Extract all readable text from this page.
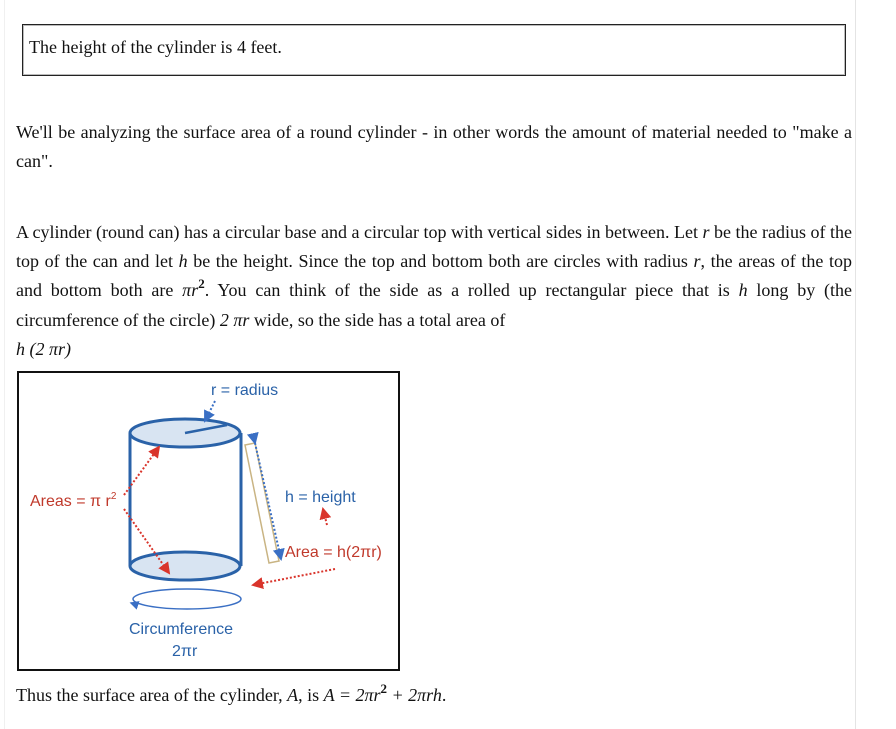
The height of the cylinder is 4 feet.

We'll be analyzing the surface area of a round cylinder - in other words the amount of material needed to "make a can".

A cylinder (round can) has a circular base and a circular top with vertical sides in between. Let r be the radius of the top of the can and let h be the height. Since the top and bottom both are circles with radius r, the areas of the top and bottom both are $\pi r^2$. You can think of the side as a rolled up rectangular piece that is h long by (the circumference of the circle) 2 πr wide, so the side has a total area of
h (2 πr)

r = radius
Areas = π $r^2$	h = height
Area = h(2πr)
Circumference
2πr

Thus the surface area of the cylinder, A, is $A = 2\pi r^2 + 2\pi rh$.
